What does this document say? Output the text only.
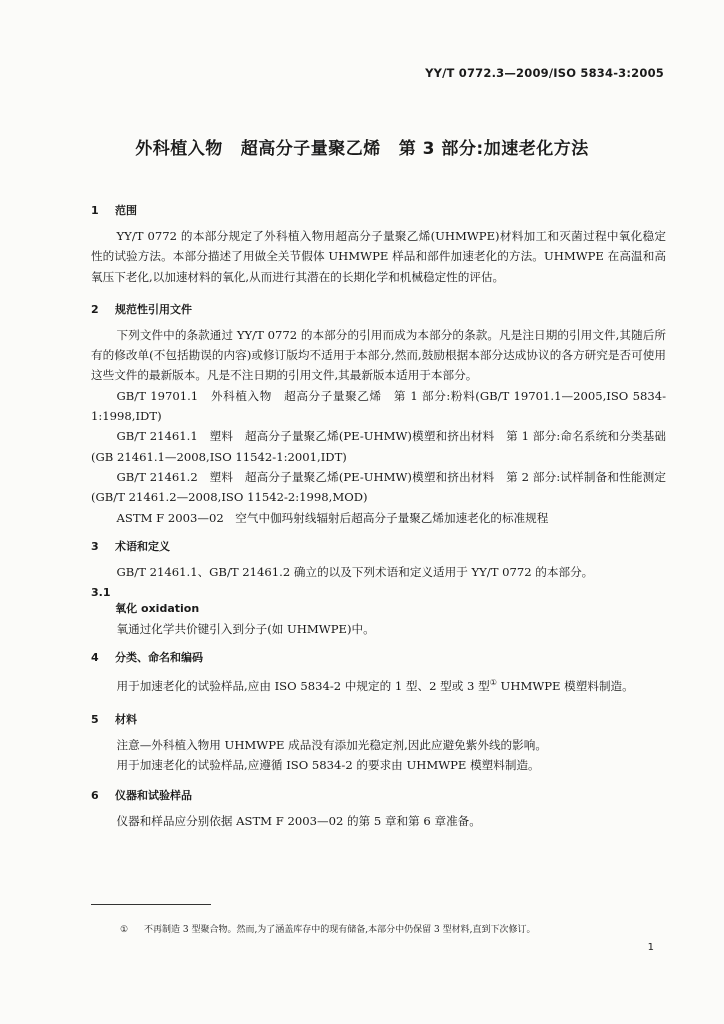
YY/T 0772.3—2009/ISO 5834-3:2005
外科植入物 超高分子量聚乙烯 第 3 部分:加速老化方法
1 范围

YY/T 0772 的本部分规定了外科植入物用超高分子量聚乙烯(UHMWPE)材料加工和灭菌过程中氧化稳定性的试验方法。本部分描述了用做全关节假体 UHMWPE 样品和部件加速老化的方法。UHMWPE 在高温和高氧压下老化,以加速材料的氧化,从而进行其潜在的长期化学和机械稳定性的评估。

2 规范性引用文件

下列文件中的条款通过 YY/T 0772 的本部分的引用而成为本部分的条款。凡是注日期的引用文件,其随后所有的修改单(不包括勘误的内容)或修订版均不适用于本部分,然而,鼓励根据本部分达成协议的各方研究是否可使用这些文件的最新版本。凡是不注日期的引用文件,其最新版本适用于本部分。

GB/T 19701.1　外科植入物　超高分子量聚乙烯　第 1 部分:粉料(GB/T 19701.1—2005,ISO 5834-1:1998,IDT)

GB/T 21461.1　塑料　超高分子量聚乙烯(PE-UHMW)模塑和挤出材料　第 1 部分:命名系统和分类基础(GB 21461.1—2008,ISO 11542-1:2001,IDT)

GB/T 21461.2　塑料　超高分子量聚乙烯(PE-UHMW)模塑和挤出材料　第 2 部分:试样制备和性能测定(GB/T 21461.2—2008,ISO 11542-2:1998,MOD)

ASTM F 2003—02　空气中伽玛射线辐射后超高分子量聚乙烯加速老化的标准规程

3 术语和定义

GB/T 21461.1、GB/T 21461.2 确立的以及下列术语和定义适用于 YY/T 0772 的本部分。

3.1
氧化 oxidation

氧通过化学共价键引入到分子(如 UHMWPE)中。

4 分类、命名和编码

用于加速老化的试验样品,应由 ISO 5834-2 中规定的 1 型、2 型或 3 型① UHMWPE 模塑料制造。

5 材料

注意—外科植入物用 UHMWPE 成品没有添加光稳定剂,因此应避免紫外线的影响。

用于加速老化的试验样品,应遵循 ISO 5834-2 的要求由 UHMWPE 模塑料制造。

6 仪器和试验样品

仪器和样品应分别依据 ASTM F 2003—02 的第 5 章和第 6 章准备。

① 不再制造 3 型聚合物。然而,为了涵盖库存中的现有储备,本部分中仍保留 3 型材料,直到下次修订。
1
